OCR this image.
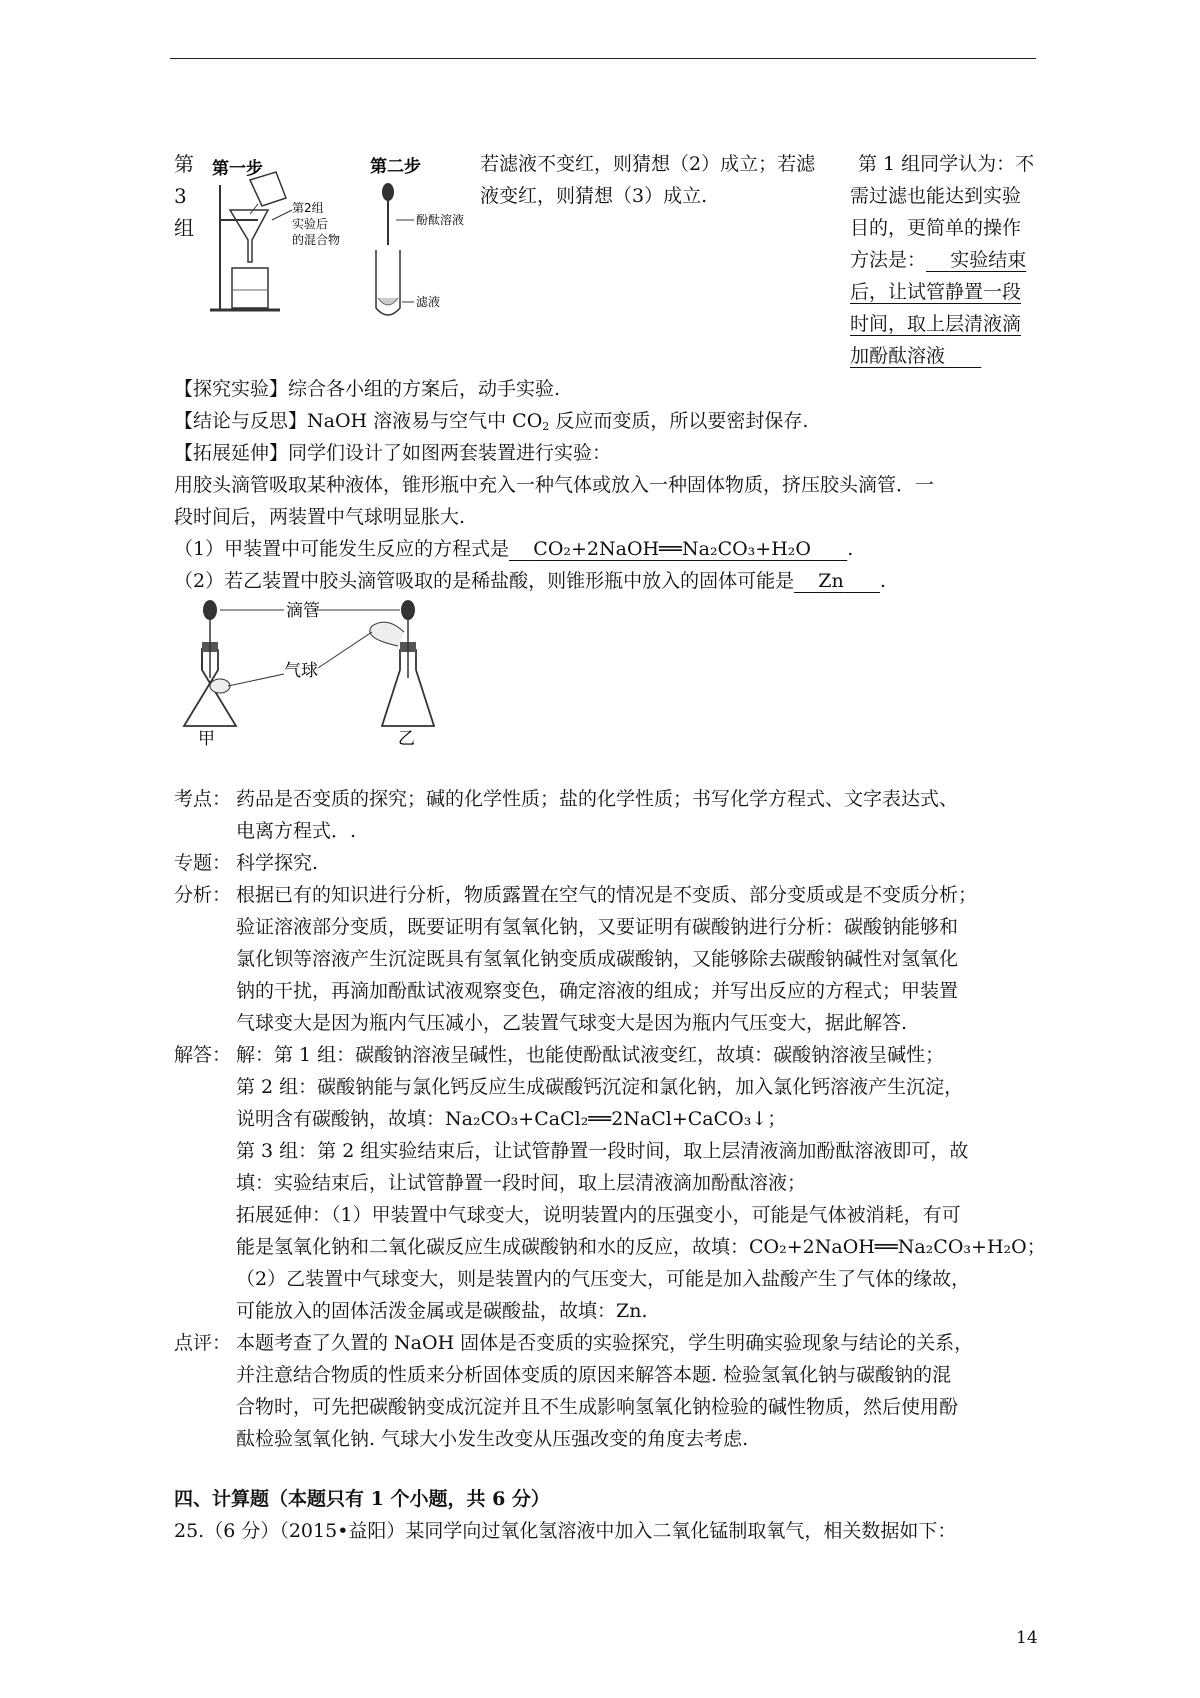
第
3
组
第一步	第二步
第2组
实验后
的混合物
酚酞溶液
滤液
若滤液不变红，则猜想（2）成立；若滤
液变红，则猜想（3）成立.
第 1 组同学认为：不
需过滤也能达到实验
目的，更简单的操作
方法是：   实验结束
后，让试管静置一段
时间，取上层清液滴
加酚酞溶液   
【探究实验】综合各小组的方案后，动手实验.
【结论与反思】NaOH 溶液易与空气中 $CO_2$ 反应而变质，所以要密封保存.
【拓展延伸】同学们设计了如图两套装置进行实验：
用胶头滴管吸取某种液体，锥形瓶中充入一种气体或放入一种固体物质，挤压胶头滴管．一
段时间后，两装置中气球明显胀大.
（1）甲装置中可能发生反应的方程式是   CO₂+2NaOH══Na₂CO₃+H₂O    .
（2）若乙装置中胶头滴管吸取的是稀盐酸，则锥形瓶中放入的固体可能是   Zn    .
滴管
气球
甲	乙
考点： 药品是否变质的探究；碱的化学性质；盐的化学性质；书写化学方程式、文字表达式、
电离方程式．.
专题： 科学探究.
分析： 根据已有的知识进行分析，物质露置在空气的情况是不变质、部分变质或是不变质分析；
验证溶液部分变质，既要证明有氢氧化钠，又要证明有碳酸钠进行分析：碳酸钠能够和
氯化钡等溶液产生沉淀既具有氢氧化钠变质成碳酸钠，又能够除去碳酸钠碱性对氢氧化
钠的干扰，再滴加酚酞试液观察变色，确定溶液的组成；并写出反应的方程式；甲装置
气球变大是因为瓶内气压减小，乙装置气球变大是因为瓶内气压变大，据此解答.
解答： 解：第 1 组：碳酸钠溶液呈碱性，也能使酚酞试液变红，故填：碳酸钠溶液呈碱性；
第 2 组：碳酸钠能与氯化钙反应生成碳酸钙沉淀和氯化钠，加入氯化钙溶液产生沉淀，
说明含有碳酸钠，故填：Na₂CO₃+CaCl₂══2NaCl+CaCO₃↓；
第 3 组：第 2 组实验结束后，让试管静置一段时间，取上层清液滴加酚酞溶液即可，故
填：实验结束后，让试管静置一段时间，取上层清液滴加酚酞溶液；
拓展延伸：（1）甲装置中气球变大，说明装置内的压强变小，可能是气体被消耗，有可
能是氢氧化钠和二氧化碳反应生成碳酸钠和水的反应，故填：CO₂+2NaOH══Na₂CO₃+H₂O；
（2）乙装置中气球变大，则是装置内的气压变大，可能是加入盐酸产生了气体的缘故，
可能放入的固体活泼金属或是碳酸盐，故填：Zn.
点评： 本题考查了久置的 NaOH 固体是否变质的实验探究，学生明确实验现象与结论的关系，
并注意结合物质的性质来分析固体变质的原因来解答本题. 检验氢氧化钠与碳酸钠的混
合物时，可先把碳酸钠变成沉淀并且不生成影响氢氧化钠检验的碱性物质，然后使用酚
酞检验氢氧化钠. 气球大小发生改变从压强改变的角度去考虑.
四、计算题（本题只有 1 个小题，共 6 分）
25.（6 分）（2015•益阳）某同学向过氧化氢溶液中加入二氧化锰制取氧气，相关数据如下：
14
